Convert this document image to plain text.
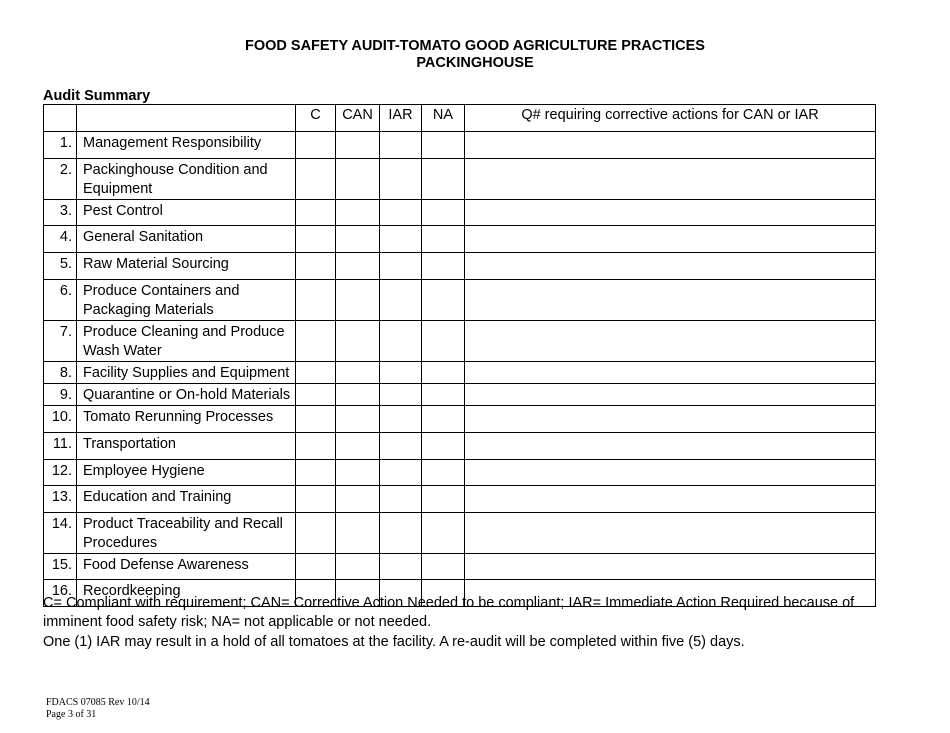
FOOD SAFETY AUDIT-TOMATO GOOD AGRICULTURE PRACTICES
PACKINGHOUSE
Audit Summary
		C	CAN	IAR	NA	Q# requiring corrective actions for CAN or IAR
1.	Management Responsibility					
2.	Packinghouse Condition and Equipment					
3.	Pest Control					
4.	General Sanitation					
5.	Raw Material Sourcing					
6.	Produce Containers and Packaging Materials					
7.	Produce Cleaning and Produce Wash Water					
8.	Facility Supplies and Equipment					
9.	Quarantine or On-hold Materials					
10.	Tomato Rerunning Processes					
11.	Transportation					
12.	Employee Hygiene					
13.	Education and Training					
14.	Product Traceability and Recall Procedures					
15.	Food Defense Awareness					
16.	Recordkeeping					
C= Compliant with requirement; CAN= Corrective Action Needed to be compliant; IAR= Immediate Action Required because of imminent food safety risk; NA= not applicable or not needed.
One (1) IAR may result in a hold of all tomatoes at the facility. A re-audit will be completed within five (5) days.
FDACS 07085 Rev 10/14
Page 3 of 31
